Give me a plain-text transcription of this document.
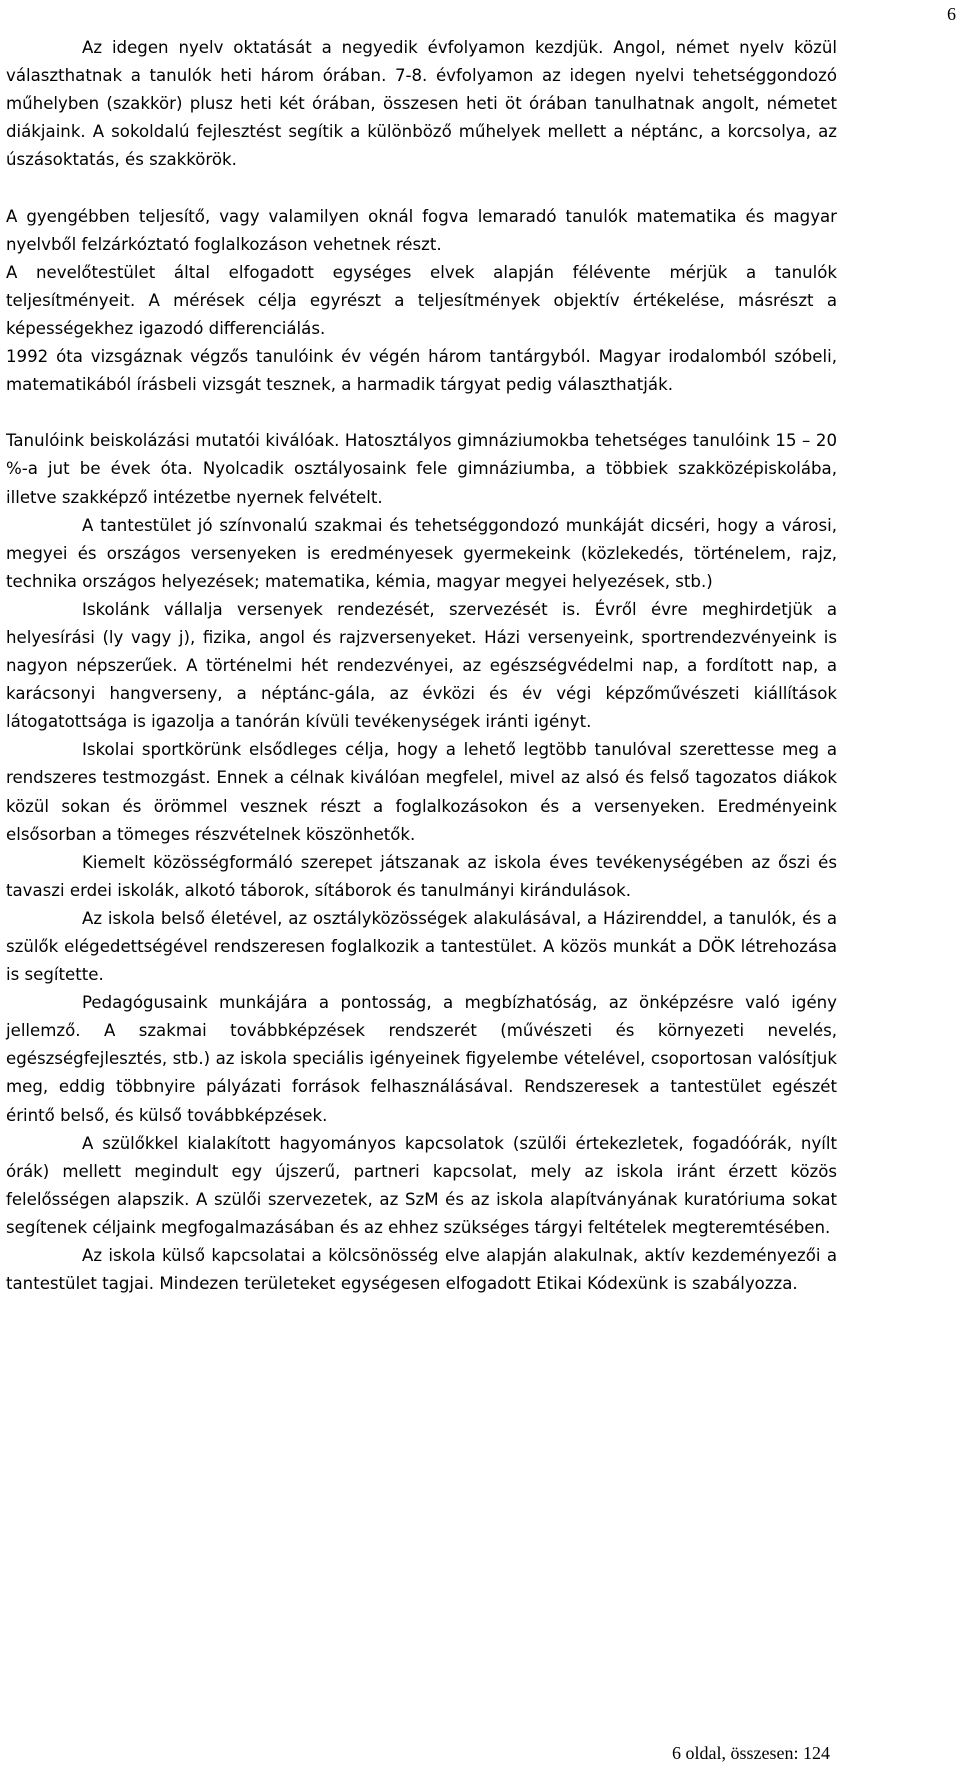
6

Az idegen nyelv oktatását a negyedik évfolyamon kezdjük. Angol, német nyelv közül választhatnak a tanulók heti három órában. 7-8. évfolyamon az idegen nyelvi tehetséggondozó műhelyben (szakkör) plusz heti két órában, összesen heti öt órában tanulhatnak angolt, németet diákjaink. A sokoldalú fejlesztést segítik a különböző műhelyek mellett a néptánc, a korcsolya, az úszásoktatás, és szakkörök.

A gyengébben teljesítő, vagy valamilyen oknál fogva lemaradó tanulók matematika és magyar nyelvből felzárkóztató foglalkozáson vehetnek részt.

A nevelőtestület által elfogadott egységes elvek alapján félévente mérjük a tanulók teljesítményeit. A mérések célja egyrészt a teljesítmények objektív értékelése, másrészt a képességekhez igazodó differenciálás.

1992 óta vizsgáznak végzős tanulóink év végén három tantárgyból. Magyar irodalomból szóbeli, matematikából írásbeli vizsgát tesznek, a harmadik tárgyat pedig választhatják.

Tanulóink beiskolázási mutatói kiválóak. Hatosztályos gimnáziumokba tehetséges tanulóink 15 – 20 %-a jut be évek óta. Nyolcadik osztályosaink fele gimnáziumba, a többiek szakközépiskolába, illetve szakképző intézetbe nyernek felvételt.

A tantestület jó színvonalú szakmai és tehetséggondozó munkáját dicséri, hogy a városi, megyei és országos versenyeken is eredményesek gyermekeink (közlekedés, történelem, rajz, technika országos helyezések; matematika, kémia, magyar megyei helyezések, stb.)

Iskolánk vállalja versenyek rendezését, szervezését is. Évről évre meghirdetjük a helyesírási (ly vagy j), fizika, angol és rajzversenyeket. Házi versenyeink, sportrendezvényeink is nagyon népszerűek. A történelmi hét rendezvényei, az egészségvédelmi nap, a fordított nap, a karácsonyi hangverseny, a néptánc-gála, az évközi és év végi képzőművészeti kiállítások látogatottsága is igazolja a tanórán kívüli tevékenységek iránti igényt.

Iskolai sportkörünk elsődleges célja, hogy a lehető legtöbb tanulóval szerettesse meg a rendszeres testmozgást. Ennek a célnak kiválóan megfelel, mivel az alsó és felső tagozatos diákok közül sokan és örömmel vesznek részt a foglalkozásokon és a versenyeken. Eredményeink elsősorban a tömeges részvételnek köszönhetők.

Kiemelt közösségformáló szerepet játszanak az iskola éves tevékenységében az őszi és tavaszi erdei iskolák, alkotó táborok, sítáborok és tanulmányi kirándulások.

Az iskola belső életével, az osztályközösségek alakulásával, a Házirenddel, a tanulók, és a szülők elégedettségével rendszeresen foglalkozik a tantestület. A közös munkát a DÖK létrehozása is segítette.

Pedagógusaink munkájára a pontosság, a megbízhatóság, az önképzésre való igény jellemző. A szakmai továbbképzések rendszerét (művészeti és környezeti nevelés, egészségfejlesztés, stb.) az iskola speciális igényeinek figyelembe vételével, csoportosan valósítjuk meg, eddig többnyire pályázati források felhasználásával. Rendszeresek a tantestület egészét érintő belső, és külső továbbképzések.

A szülőkkel kialakított hagyományos kapcsolatok (szülői értekezletek, fogadóórák, nyílt órák) mellett megindult egy újszerű, partneri kapcsolat, mely az iskola iránt érzett közös felelősségen alapszik. A szülői szervezetek, az SzM és az iskola alapítványának kuratóriuma sokat segítenek céljaink megfogalmazásában és az ehhez szükséges tárgyi feltételek megteremtésében.

Az iskola külső kapcsolatai a kölcsönösség elve alapján alakulnak, aktív kezdeményezői a tantestület tagjai. Mindezen területeket egységesen elfogadott Etikai Kódexünk is szabályozza.

6 oldal, összesen: 124
